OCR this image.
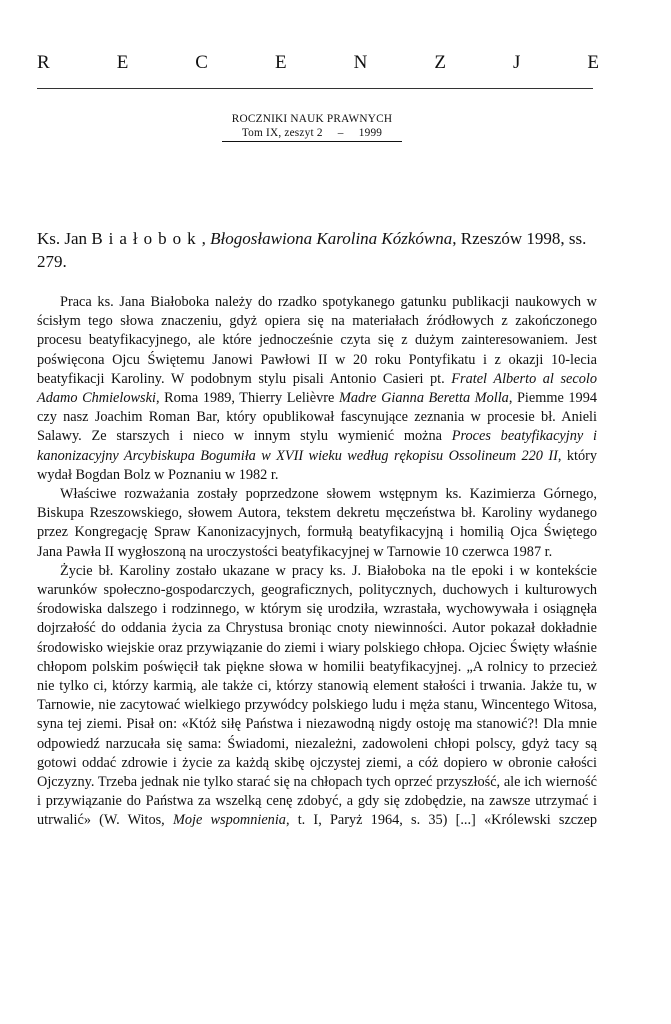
R	E	C	E	N	Z	J	E
ROCZNIKI NAUK PRAWNYCH
Tom IX, zeszyt 2     –     1999
Ks. Jan Białobok, Błogosławiona Karolina Kózkówna, Rzeszów 1998, ss. 279.

Praca ks. Jana Białoboka należy do rzadko spotykanego gatunku publikacji naukowych w ścisłym tego słowa znaczeniu, gdyż opiera się na materiałach źródłowych z zakończonego procesu beatyfikacyjnego, ale które jednocześnie czyta się z dużym zainteresowaniem. Jest poświęcona Ojcu Świętemu Janowi Pawłowi II w 20 roku Pontyfikatu i z okazji 10-lecia beatyfikacji Karoliny. W podobnym stylu pisali Antonio Casieri pt. Fratel Alberto al secolo Adamo Chmielowski, Roma 1989, Thierry Lelièvre Madre Gianna Beretta Molla, Piemme 1994 czy nasz Joachim Roman Bar, który opublikował fascynujące zeznania w procesie bł. Anieli Salawy. Ze starszych i nieco w innym stylu wymienić można Proces beatyfikacyjny i kanonizacyjny Arcybiskupa Bogumiła w XVII wieku według rękopisu Ossolineum 220 II, który wydał Bogdan Bolz w Poznaniu w 1982 r.

Właściwe rozważania zostały poprzedzone słowem wstępnym ks. Kazimierza Górnego, Biskupa Rzeszowskiego, słowem Autora, tekstem dekretu męczeństwa bł. Karoliny wydanego przez Kongregację Spraw Kanonizacyjnych, formułą beatyfikacyjną i homilią Ojca Świętego Jana Pawła II wygłoszoną na uroczystości beatyfikacyjnej w Tarnowie 10 czerwca 1987 r.

Życie bł. Karoliny zostało ukazane w pracy ks. J. Białoboka na tle epoki i w kontekście warunków społeczno-gospodarczych, geograficznych, politycznych, duchowych i kulturowych środowiska dalszego i rodzinnego, w którym się urodziła, wzrastała, wychowywała i osiągnęła dojrzałość do oddania życia za Chrystusa broniąc cnoty niewinności. Autor pokazał dokładnie środowisko wiejskie oraz przywiązanie do ziemi i wiary polskiego chłopa. Ojciec Święty właśnie chłopom polskim poświęcił tak piękne słowa w homilii beatyfikacyjnej. „A rolnicy to przecież nie tylko ci, którzy karmią, ale także ci, którzy stanowią element stałości i trwania. Jakże tu, w Tarnowie, nie zacytować wielkiego przywódcy polskiego ludu i męża stanu, Wincentego Witosa, syna tej ziemi. Pisał on: «Któż siłę Państwa i niezawodną nigdy ostoję ma stanowić?! Dla mnie odpowiedź narzucała się sama: Świadomi, niezależni, zadowoleni chłopi polscy, gdyż tacy są gotowi oddać zdrowie i życie za każdą skibę ojczystej ziemi, a cóż dopiero w obronie całości Ojczyzny. Trzeba jednak nie tylko starać się na chłopach tych oprzeć przyszłość, ale ich wierność i przywiązanie do Państwa za wszelką cenę zdobyć, a gdy się zdobędzie, na zawsze utrzymać i utrwalić» (W. Witos, Moje wspomnienia, t. I, Paryż 1964, s. 35) [...] «Królewski szczep
